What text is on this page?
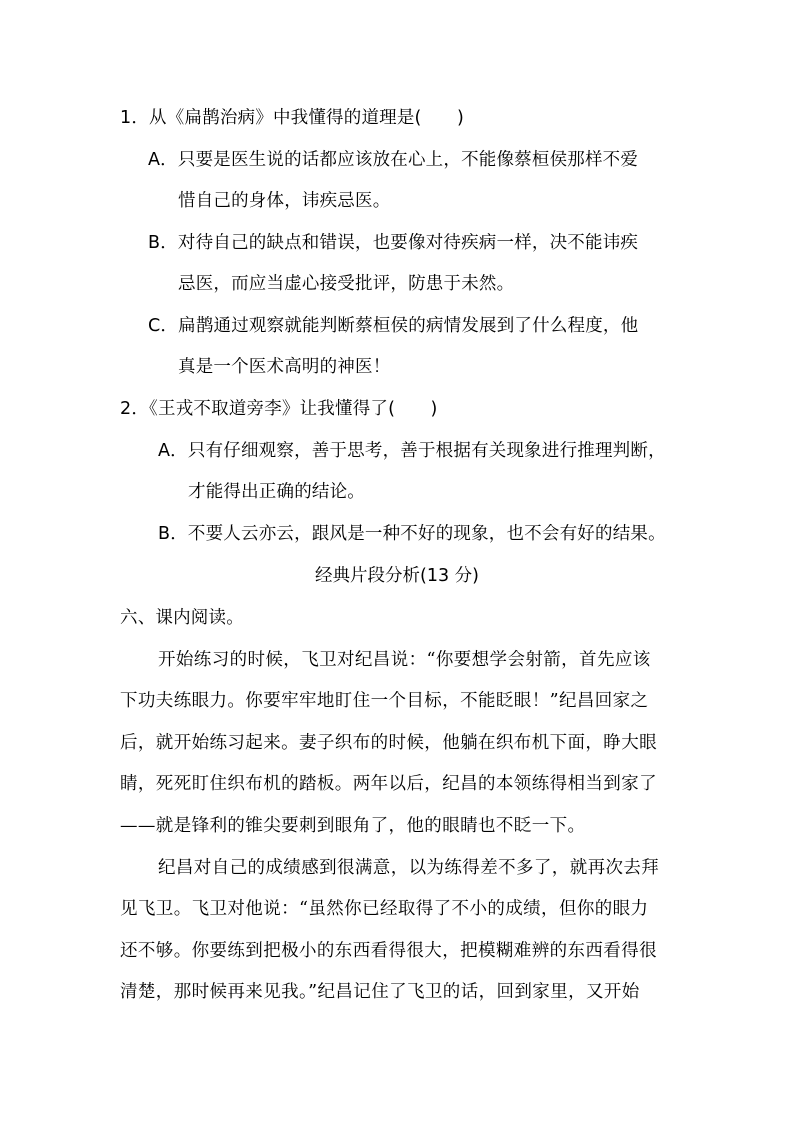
1．从《扁鹊治病》中我懂得的道理是(　　)
A．只要是医生说的话都应该放在心上，不能像蔡桓侯那样不爱
惜自己的身体，讳疾忌医。
B．对待自己的缺点和错误，也要像对待疾病一样，决不能讳疾
忌医，而应当虚心接受批评，防患于未然。
C．扁鹊通过观察就能判断蔡桓侯的病情发展到了什么程度，他
真是一个医术高明的神医！
2．《王戎不取道旁李》让我懂得了(　　)
A．只有仔细观察，善于思考，善于根据有关现象进行推理判断，
才能得出正确的结论。
B．不要人云亦云，跟风是一种不好的现象，也不会有好的结果。
经典片段分析(13 分)
六、课内阅读。
开始练习的时候，飞卫对纪昌说：“你要想学会射箭，首先应该
下功夫练眼力。你要牢牢地盯住一个目标，不能眨眼！”纪昌回家之
后，就开始练习起来。妻子织布的时候，他躺在织布机下面，睁大眼
睛，死死盯住织布机的踏板。两年以后，纪昌的本领练得相当到家了
——就是锋利的锥尖要刺到眼角了，他的眼睛也不眨一下。
纪昌对自己的成绩感到很满意，以为练得差不多了，就再次去拜
见飞卫。飞卫对他说：“虽然你已经取得了不小的成绩，但你的眼力
还不够。你要练到把极小的东西看得很大，把模糊难辨的东西看得很
清楚，那时候再来见我。”纪昌记住了飞卫的话，回到家里，又开始
